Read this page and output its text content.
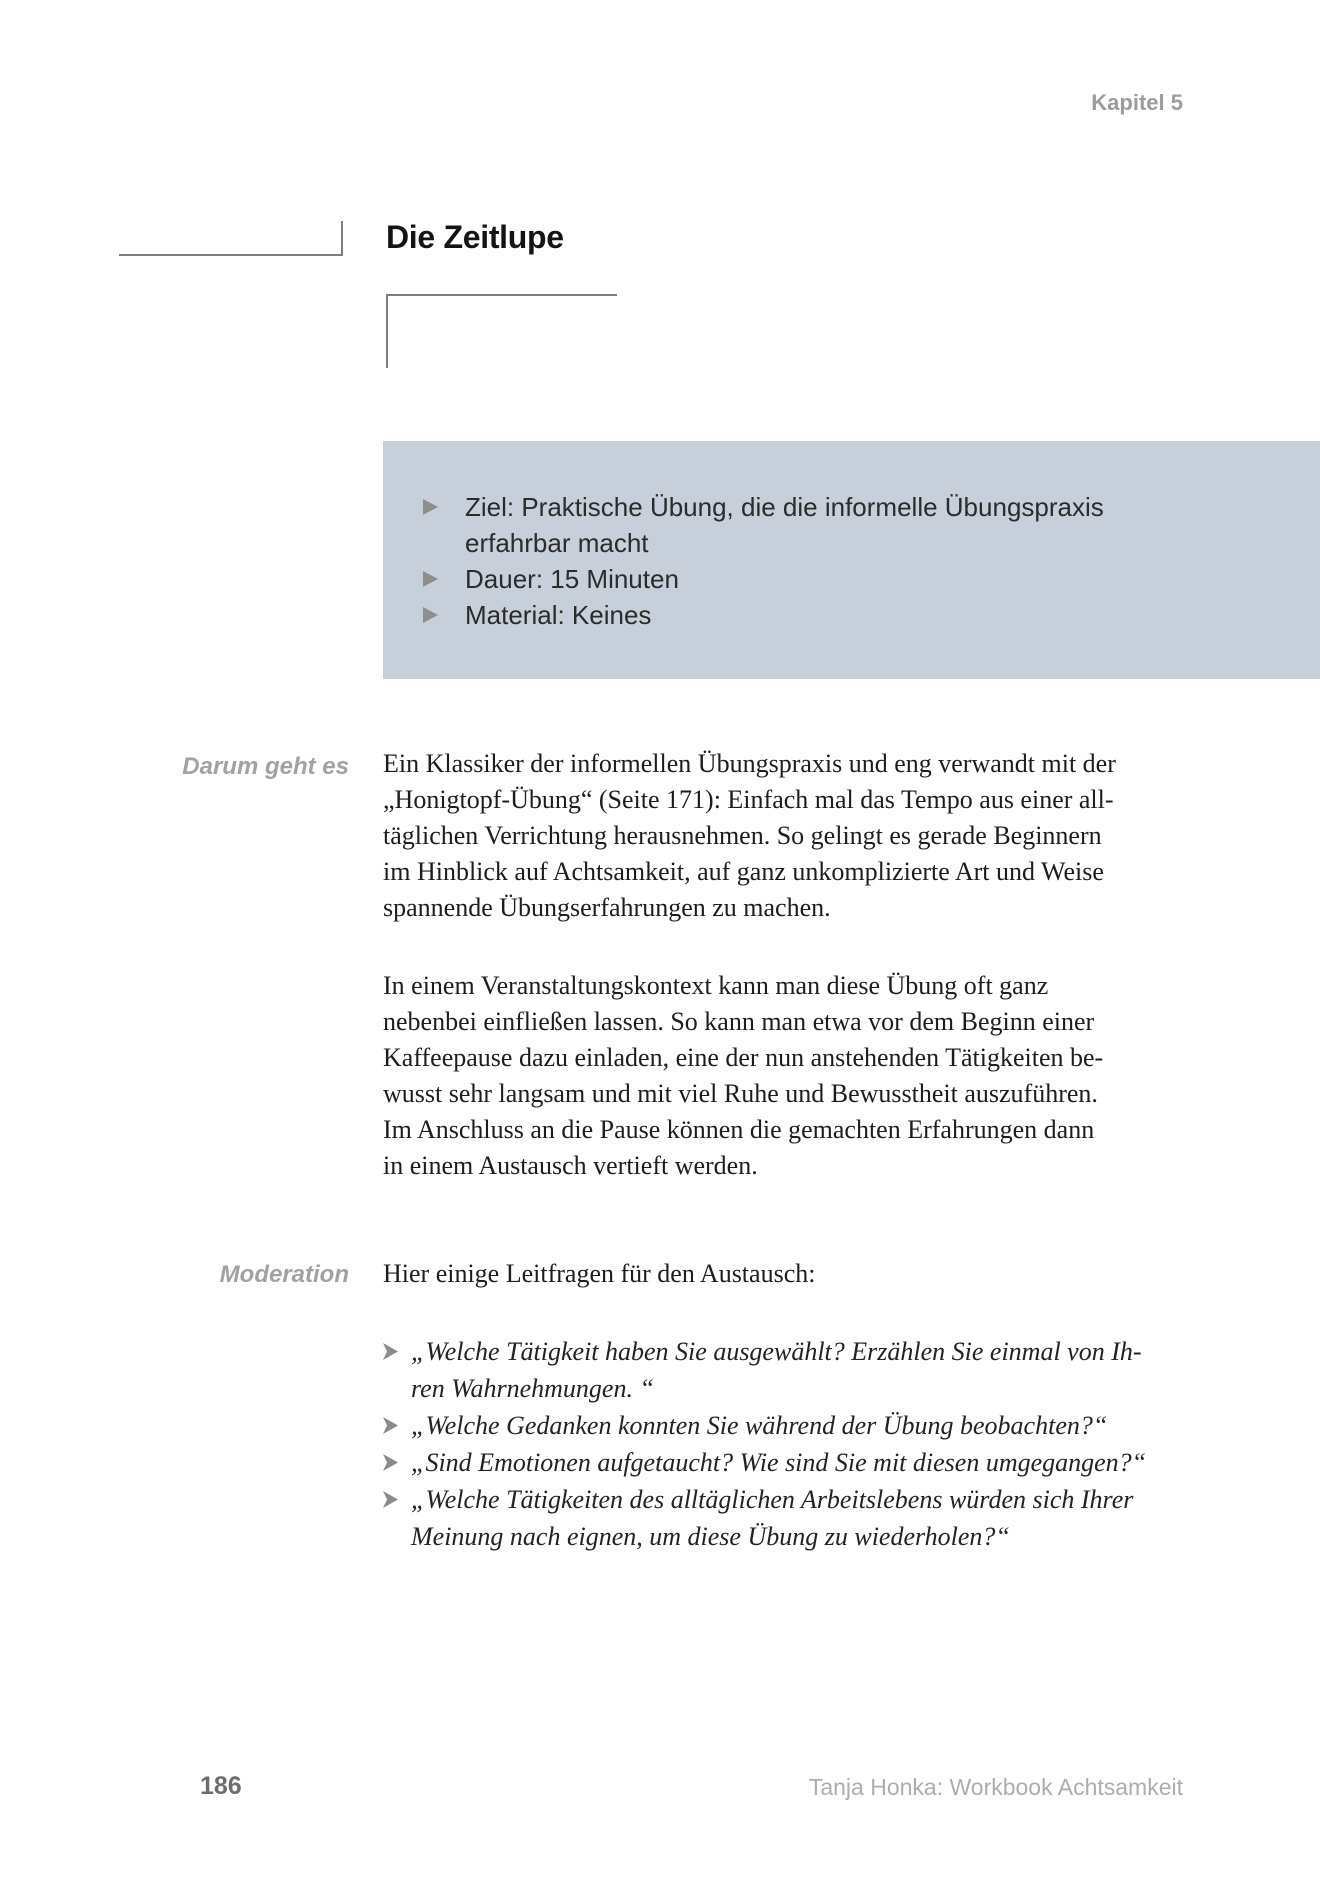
Kapitel 5
Die Zeitlupe
Ziel: Praktische Übung, die die informelle Übungspraxis
erfahrbar macht
Dauer: 15 Minuten
Material: Keines
Darum geht es Ein Klassiker der informellen Übungspraxis und eng verwandt mit der
„Honigtopf-Übung“ (Seite 171): Einfach mal das Tempo aus einer all-
täglichen Verrichtung herausnehmen. So gelingt es gerade Beginnern
im Hinblick auf Achtsamkeit, auf ganz unkomplizierte Art und Weise
spannende Übungserfahrungen zu machen.
In einem Veranstaltungskontext kann man diese Übung oft ganz
nebenbei einfließen lassen. So kann man etwa vor dem Beginn einer
Kaffeepause dazu einladen, eine der nun anstehenden Tätigkeiten be-
wusst sehr langsam und mit viel Ruhe und Bewusstheit auszuführen.
Im Anschluss an die Pause können die gemachten Erfahrungen dann
in einem Austausch vertieft werden.
Moderation Hier einige Leitfragen für den Austausch:
„Welche Tätigkeit haben Sie ausgewählt? Erzählen Sie einmal von Ih-
ren Wahrnehmungen. “
„Welche Gedanken konnten Sie während der Übung beobachten?“
„Sind Emotionen aufgetaucht? Wie sind Sie mit diesen umgegangen?“
„Welche Tätigkeiten des alltäglichen Arbeitslebens würden sich Ihrer
Meinung nach eignen, um diese Übung zu wiederholen?“
186	Tanja Honka: Workbook Achtsamkeit
